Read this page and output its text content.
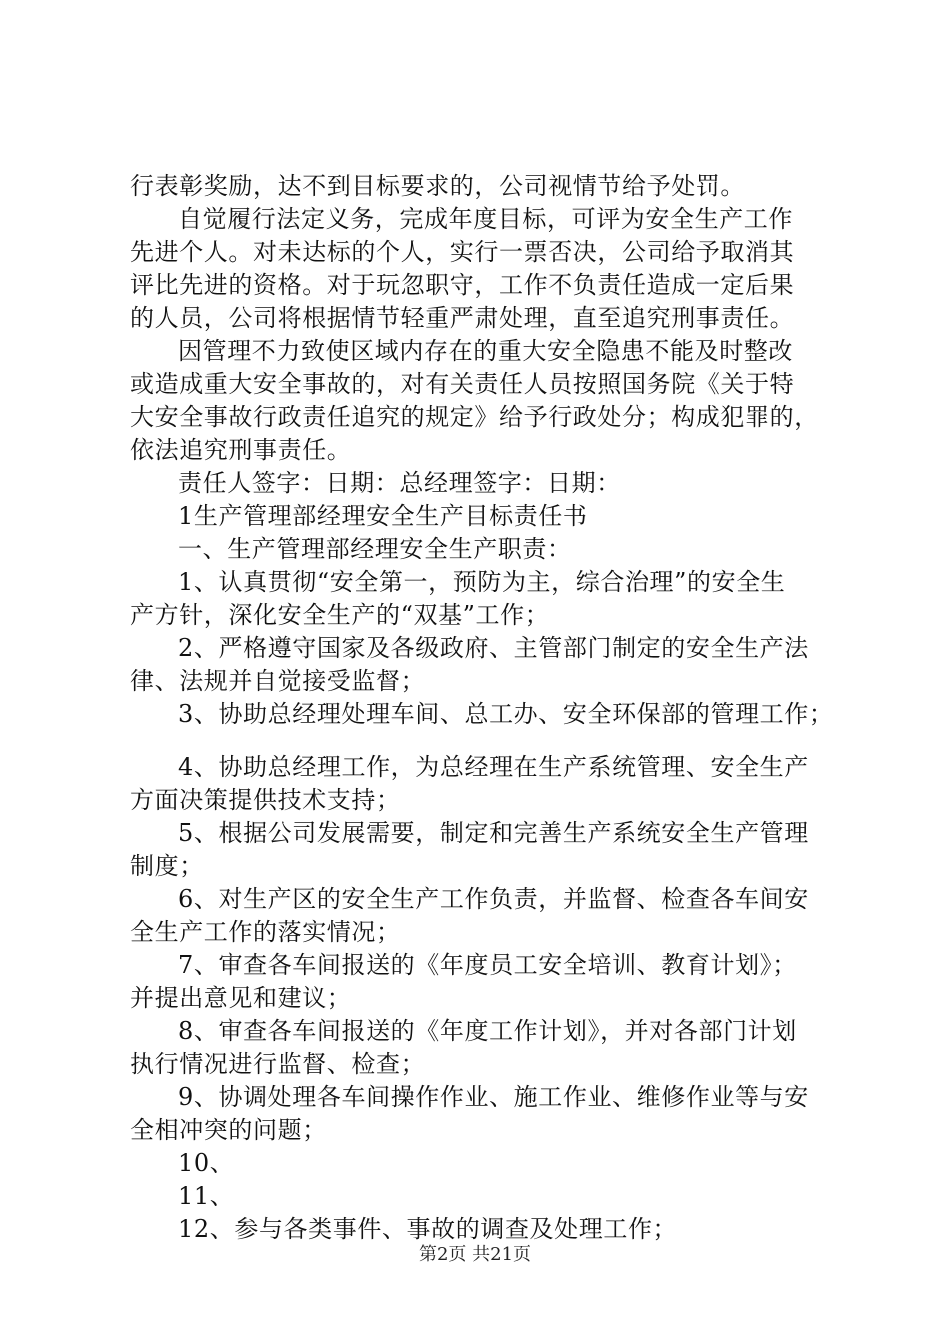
行表彰奖励，达不到目标要求的，公司视情节给予处罚。
自觉履行法定义务，完成年度目标，可评为安全生产工作
先进个人。对未达标的个人，实行一票否决，公司给予取消其
评比先进的资格。对于玩忽职守，工作不负责任造成一定后果
的人员，公司将根据情节轻重严肃处理，直至追究刑事责任。
因管理不力致使区域内存在的重大安全隐患不能及时整改
或造成重大安全事故的，对有关责任人员按照国务院《关于特
大安全事故行政责任追究的规定》给予行政处分；构成犯罪的，
依法追究刑事责任。
责任人签字：日期：总经理签字：日期：
1生产管理部经理安全生产目标责任书
一、生产管理部经理安全生产职责：
1、认真贯彻“安全第一，预防为主，综合治理”的安全生
产方针，深化安全生产的“双基”工作；
2、严格遵守国家及各级政府、主管部门制定的安全生产法
律、法规并自觉接受监督；
3、协助总经理处理车间、总工办、安全环保部的管理工作；
4、协助总经理工作，为总经理在生产系统管理、安全生产
方面决策提供技术支持；
5、根据公司发展需要，制定和完善生产系统安全生产管理
制度；
6、对生产区的安全生产工作负责，并监督、检查各车间安
全生产工作的落实情况；
7、审查各车间报送的《年度员工安全培训、教育计划》；
并提出意见和建议；
8、审查各车间报送的《年度工作计划》，并对各部门计划
执行情况进行监督、检查；
9、协调处理各车间操作作业、施工作业、维修作业等与安
全相冲突的问题；
10、
11、
12、参与各类事件、事故的调查及处理工作；
第2页 共21页
